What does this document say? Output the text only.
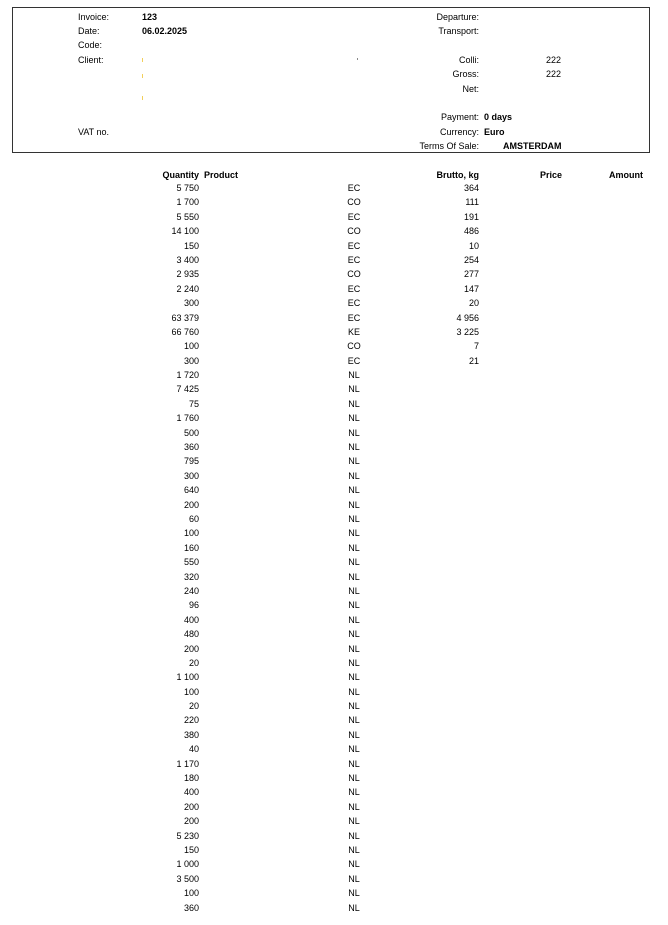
Invoice:	123
Date:	06.02.2025
Code:
Client:
VAT no.
Departure:
Transport:
Colli:	222
Gross:	222
Net:
Payment: 0 days
Currency: Euro
Terms Of Sale:	AMSTERDAM
Quantity Product	Brutto, kg	Price	Amount
5 750	EC	364
1 700	CO	111
5 550	EC	191
14 100	CO	486
150	EC	10
3 400	EC	254
2 935	CO	277
2 240	EC	147
300	EC	20
63 379	EC	4 956
66 760	KE	3 225
100	CO	7
300	EC	21
1 720	NL
7 425	NL
75	NL
1 760	NL
500	NL
360	NL
795	NL
300	NL
640	NL
200	NL
60	NL
100	NL
160	NL
550	NL
320	NL
240	NL
96	NL
400	NL
480	NL
200	NL
20	NL
1 100	NL
100	NL
20	NL
220	NL
380	NL
40	NL
1 170	NL
180	NL
400	NL
200	NL
200	NL
5 230	NL
150	NL
1 000	NL
3 500	NL
100	NL
360	NL
